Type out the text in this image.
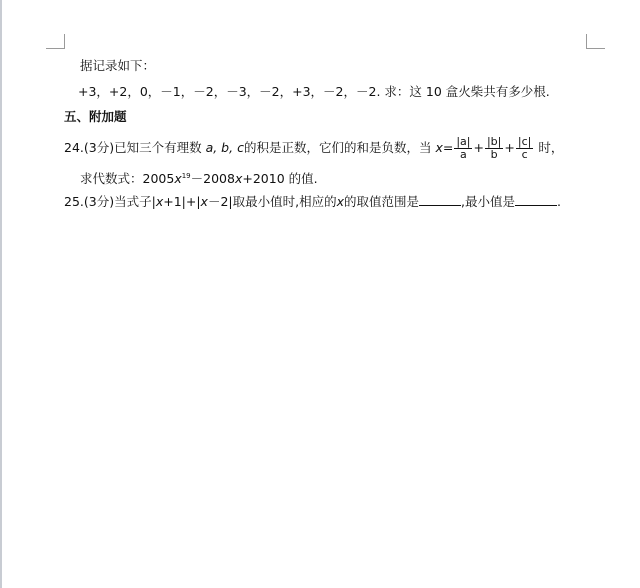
据记录如下：
+3，+2，0，－1，－2，－3，－2，+3，－2，－2. 求：这 10 盒火柴共有多少根.
五、附加题
24.(3分)已知三个有理数 a, b, c的积是正数，它们的和是负数，当 $x= \frac{|a|}{a} + \frac{|b|}{b} + \frac{|c|}{c}$ 时，
求代数式：$2005x^{19}-2008x+2010$ 的值.
25.(3分)当式子|x+1|+|x－2|取最小值时,相应的x的取值范围是	,最小值是	.
